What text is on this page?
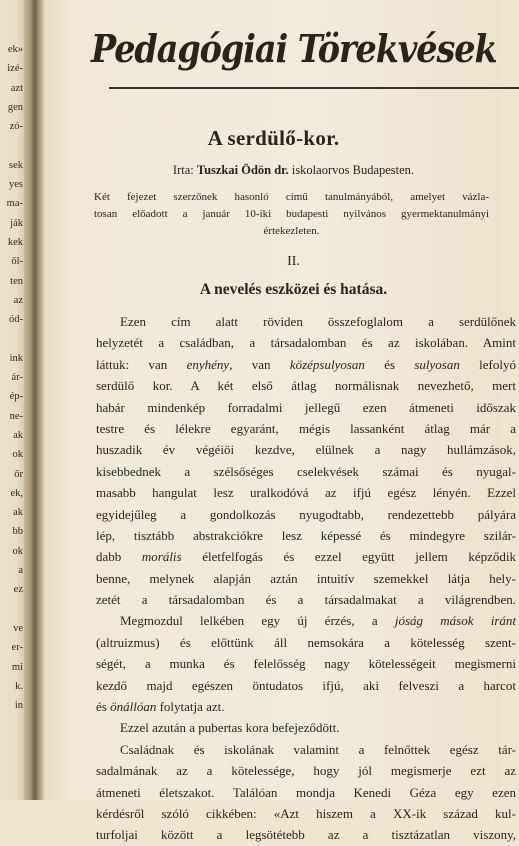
ek»
izé-
azt
gen
zó-

sek
yes
ma-
ják
kek
ől-
ten
az
ód-

ink
ár-
ép-
ne-
ak
ok
őr
ek,
ak
bb
ok
a
ez

ve
er-
mi
k.
in
Pedagógiai Törekvések
A serdülő-kor.
Irta: Tuszkai Ödön dr. iskolaorvos Budapesten.
Két fejezet szerzőnek hasonló című tanulmányából, amelyet vázla-
tosan előadott a január 10-iki budapesti nyilvános gyermektanulmányi
értekezleten.
II.
A nevelés eszközei és hatása.
Ezen cím alatt röviden összefoglalom a serdülőnek
helyzetét a családban, a társadalomban és az iskolában. Amint
láttuk: van enyhény, van középsulyosan és sulyosan lefolyó
serdülő kor. A két első átlag normálisnak nevezhető, mert
habár mindenkép forradalmi jellegű ezen átmeneti időszak
testre és lélekre egyaránt, mégis lassanként átlag már a
huszadik év végéiöi kezdve, elülnek a nagy hullámzások,
kisebbednek a szélsőséges cselekvések számai és nyugal-
masabb hangulat lesz uralkodóvá az ifjú egész lényén. Ezzel
egyidejűleg a gondolkozás nyugodtabb, rendezettebb pályára
lép, tisztább abstrakciókre lesz képessé és mindegyre szilár-
dabb morális életfelfogás és ezzel együtt jellem képződik
benne, melynek alapján aztán intuitív szemekkel látja hely-
zetét a társadalomban és a társadalmakat a világrendben.
Megmozdul lelkében egy új érzés, a jóság mások iránt
(altruizmus) és előttünk áll nemsokára a kötelesség szent-
ségét, a munka és felelősség nagy kötelességeit megismerni
kezdő majd egészen öntudatos ifjú, aki felveszi a harcot
és önállóan folytatja azt.
Ezzel azután a pubertas kora befejeződött.
Családnak és iskolának valamint a felnőttek egész tár-
sadalmának az a kötelessége, hogy jól megismerje ezt az
átmeneti életszakot. Találóan mondja Kenedi Géza egy ezen
kérdésről szóló cikkében: «Azt hiszem a XX-ik század kul-
turfoljai között a legsötétebb az a tisztázatlan viszony,
